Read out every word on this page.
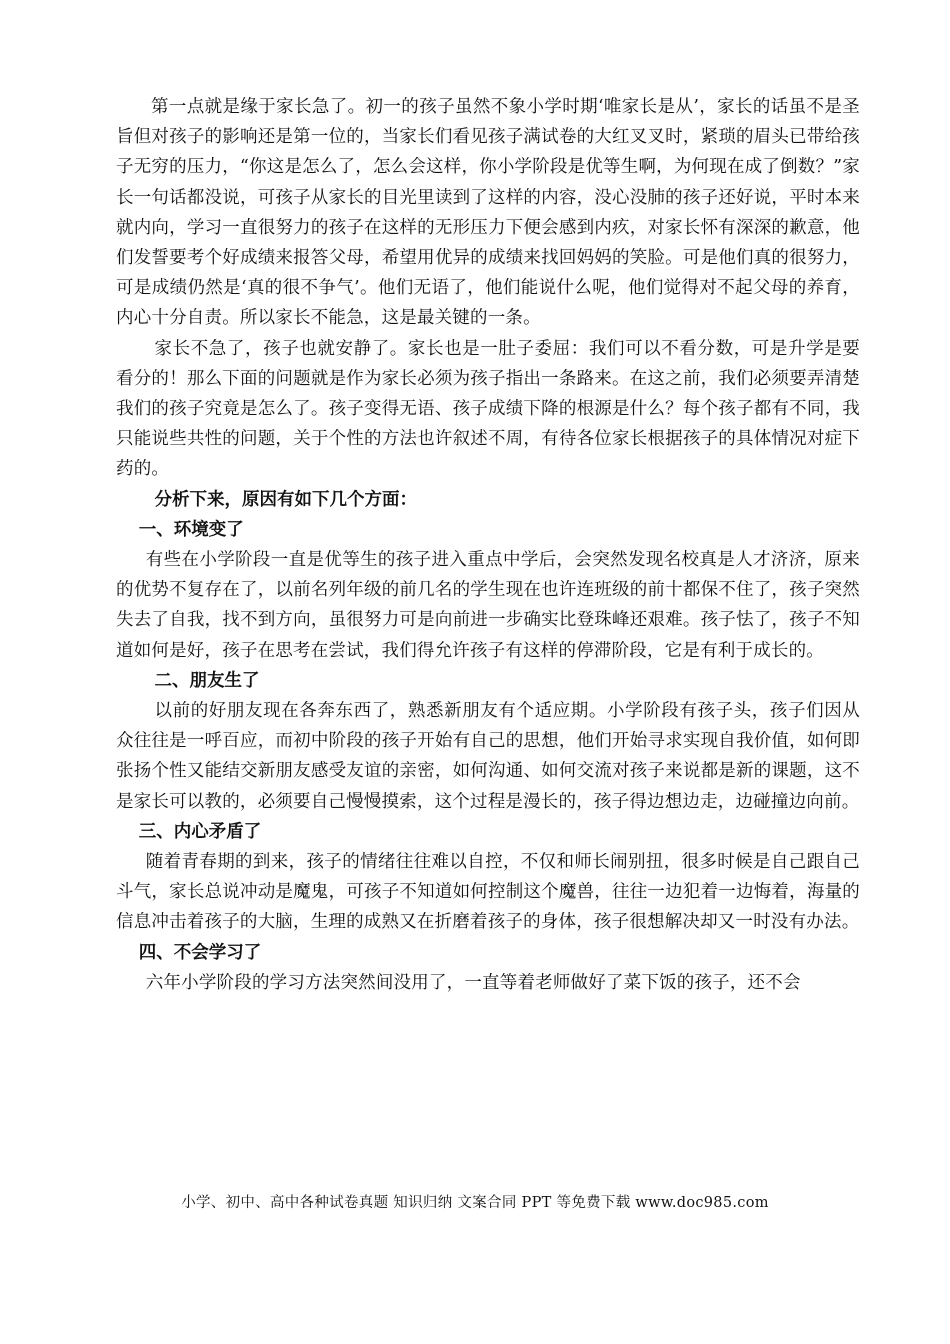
第一点就是缘于家长急了。初一的孩子虽然不象小学时期‘唯家长是从’，家长的话虽不是圣旨但对孩子的影响还是第一位的，当家长们看见孩子满试卷的大红叉叉时，紧琐的眉头已带给孩子无穷的压力，“你这是怎么了，怎么会这样，你小学阶段是优等生啊，为何现在成了倒数？”家长一句话都没说，可孩子从家长的目光里读到了这样的内容，没心没肺的孩子还好说，平时本来就内向，学习一直很努力的孩子在这样的无形压力下便会感到内疚，对家长怀有深深的歉意，他们发誓要考个好成绩来报答父母，希望用优异的成绩来找回妈妈的笑脸。可是他们真的很努力，可是成绩仍然是‘真的很不争气’。他们无语了，他们能说什么呢，他们觉得对不起父母的养育，内心十分自责。所以家长不能急，这是最关键的一条。

家长不急了，孩子也就安静了。家长也是一肚子委屈：我们可以不看分数，可是升学是要看分的！那么下面的问题就是作为家长必须为孩子指出一条路来。在这之前，我们必须要弄清楚我们的孩子究竟是怎么了。孩子变得无语、孩子成绩下降的根源是什么？每个孩子都有不同，我只能说些共性的问题，关于个性的方法也许叙述不周，有待各位家长根据孩子的具体情况对症下药的。

分析下来，原因有如下几个方面：

一、环境变了

有些在小学阶段一直是优等生的孩子进入重点中学后，会突然发现名校真是人才济济，原来的优势不复存在了，以前名列年级的前几名的学生现在也许连班级的前十都保不住了，孩子突然失去了自我，找不到方向，虽很努力可是向前进一步确实比登珠峰还艰难。孩子怯了，孩子不知道如何是好，孩子在思考在尝试，我们得允许孩子有这样的停滞阶段，它是有利于成长的。

二、朋友生了

以前的好朋友现在各奔东西了，熟悉新朋友有个适应期。小学阶段有孩子头，孩子们因从众往往是一呼百应，而初中阶段的孩子开始有自己的思想，他们开始寻求实现自我价值，如何即张扬个性又能结交新朋友感受友谊的亲密，如何沟通、如何交流对孩子来说都是新的课题，这不是家长可以教的，必须要自己慢慢摸索，这个过程是漫长的，孩子得边想边走，边碰撞边向前。

三、内心矛盾了

随着青春期的到来，孩子的情绪往往难以自控，不仅和师长闹别扭，很多时候是自己跟自己斗气，家长总说冲动是魔鬼，可孩子不知道如何控制这个魔兽，往往一边犯着一边悔着，海量的信息冲击着孩子的大脑，生理的成熟又在折磨着孩子的身体，孩子很想解决却又一时没有办法。

四、不会学习了

六年小学阶段的学习方法突然间没用了，一直等着老师做好了菜下饭的孩子，还不会

小学、初中、高中各种试卷真题 知识归纳 文案合同 PPT 等免费下载 www.doc985.com
